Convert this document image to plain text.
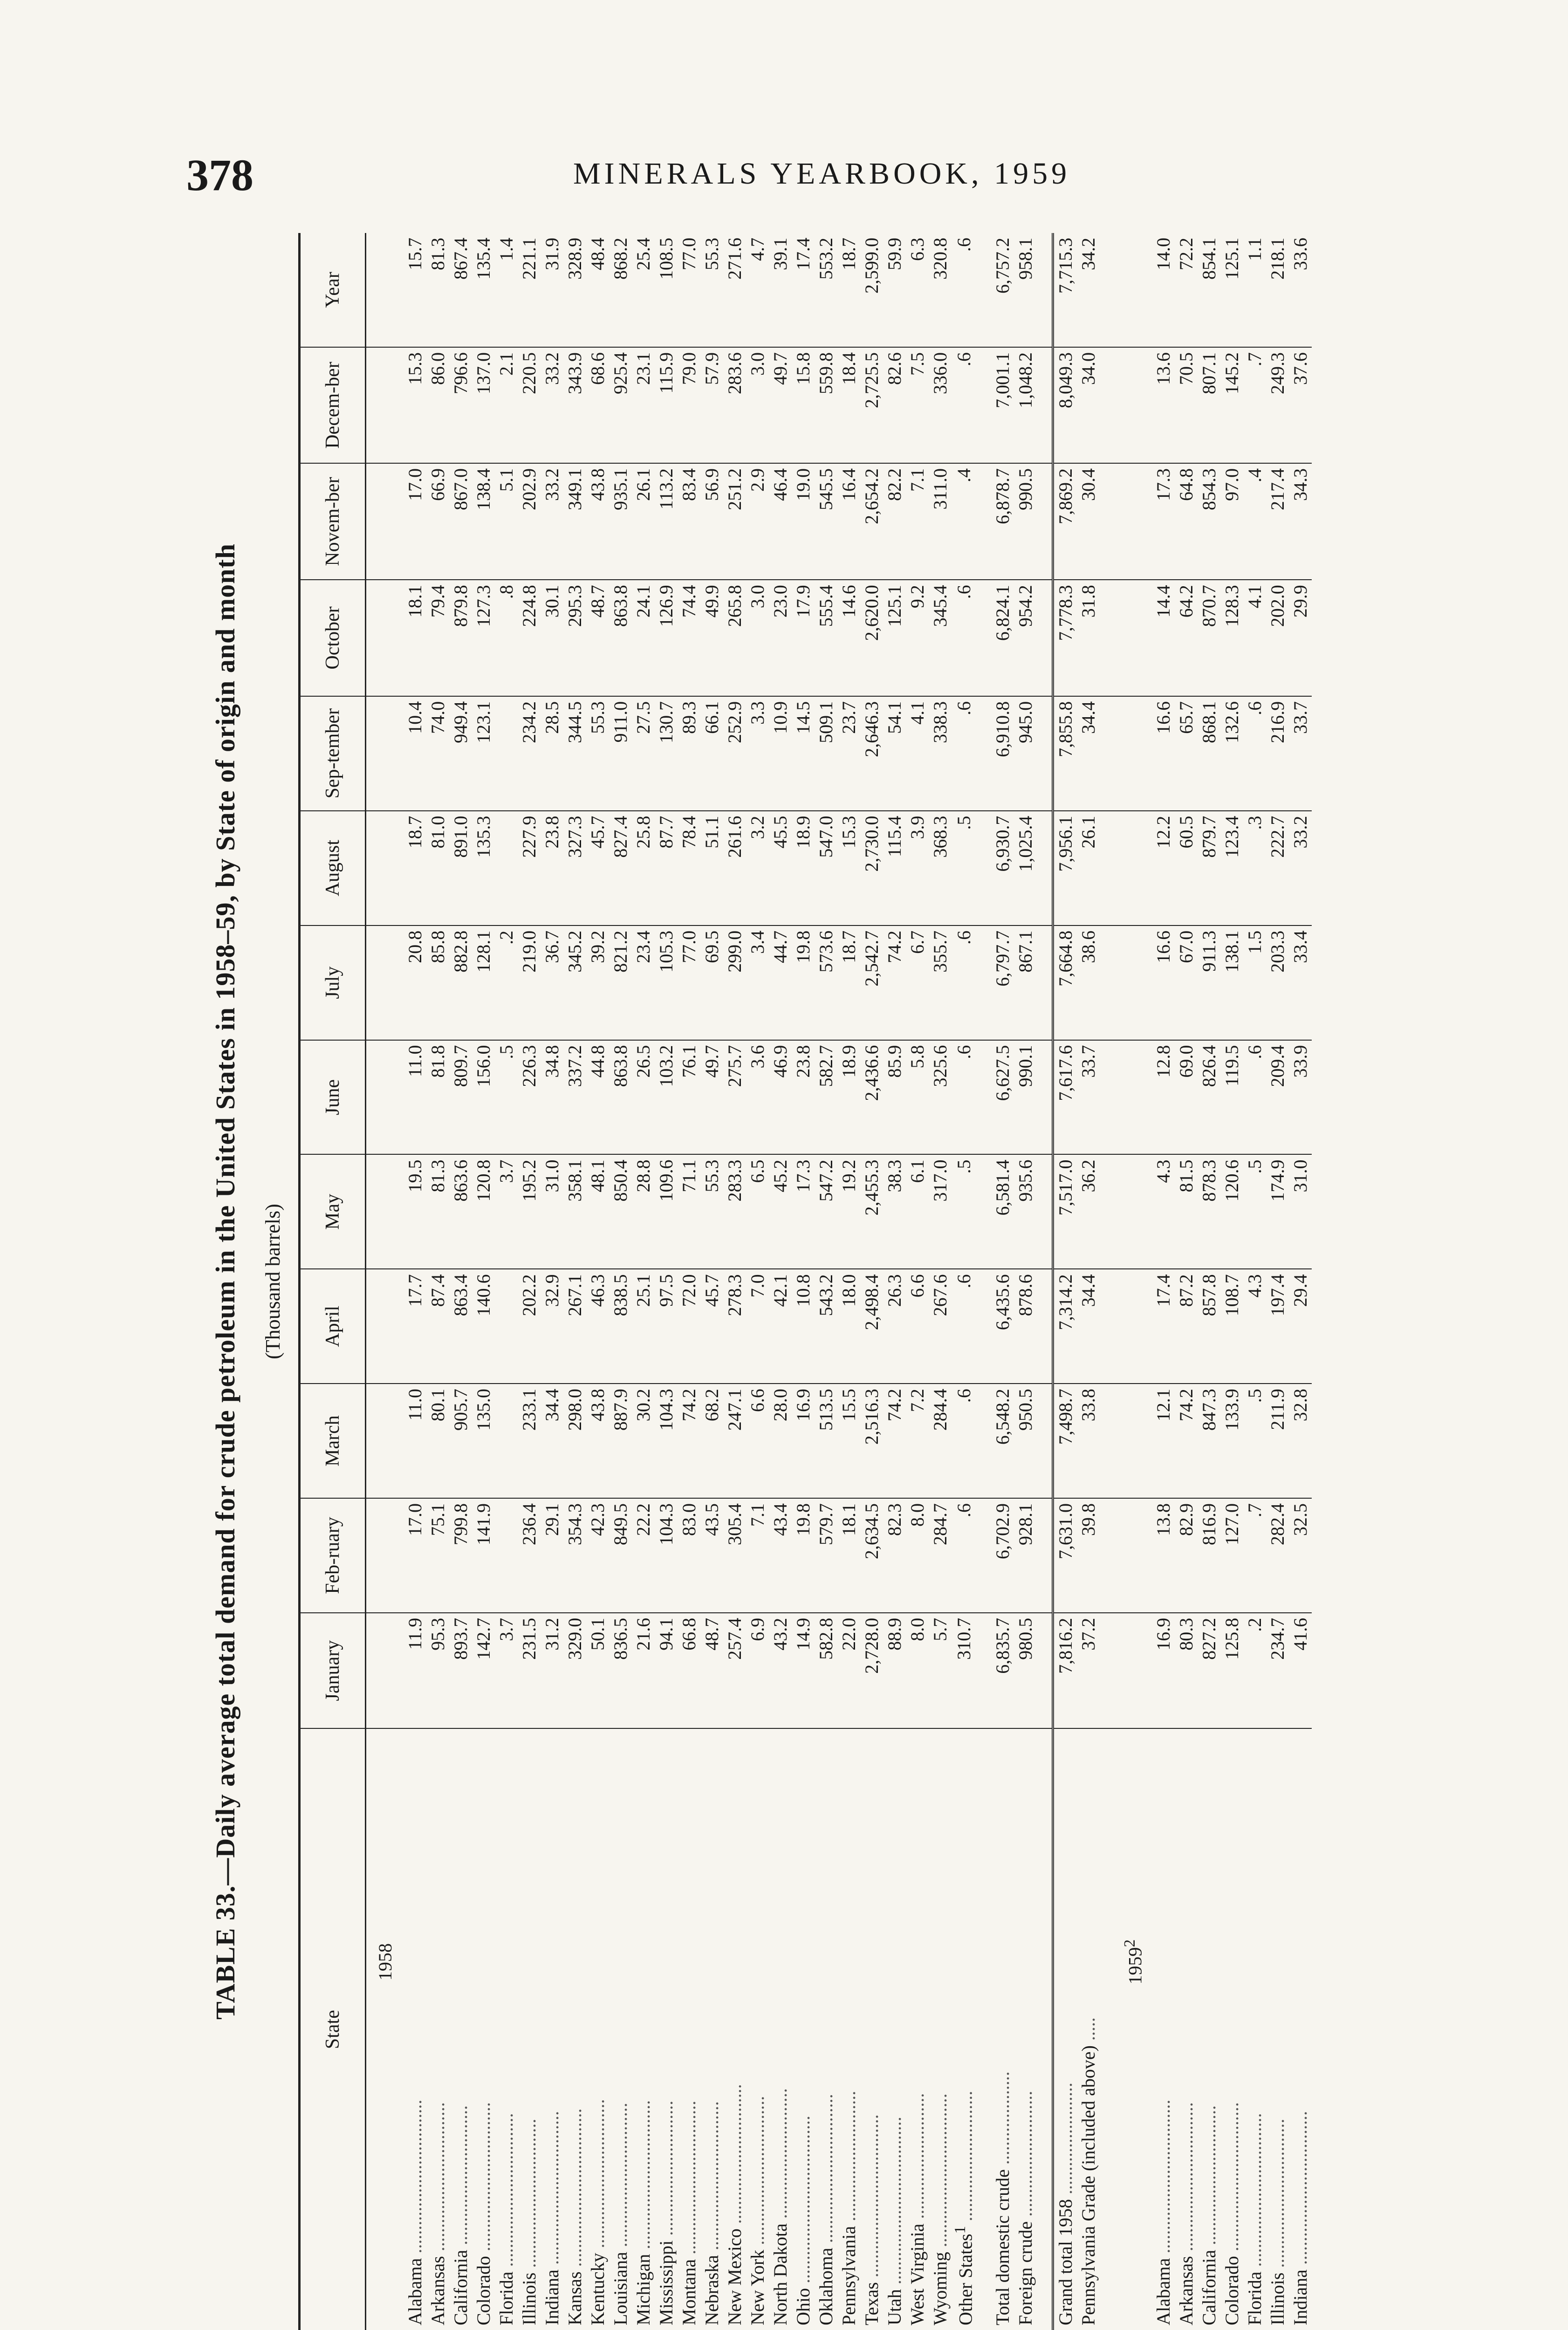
378	MINERALS YEARBOOK, 1959
TABLE 33.—Daily average total demand for crude petroleum in the United States in 1958–59, by State of origin and month (Thousand barrels)
State	January	Feb-ruary	March	April	May	June	July	August	Sep-tember	October	Novem-ber	Decem-ber	Year
1958													
Alabama .................................	11.9	17.0	11.0	17.7	19.5	11.0	20.8	18.7	10.4	18.1	17.0	15.3	15.7
Arkansas ................................	95.3	75.1	80.1	87.4	81.3	81.8	85.8	81.0	74.0	79.4	66.9	86.0	81.3
California ..............................	893.7	799.8	905.7	863.4	863.6	809.7	882.8	891.0	949.4	879.8	867.0	796.6	867.4
Colorado ................................	142.7	141.9	135.0	140.6	120.8	156.0	128.1	135.3	123.1	127.3	138.4	137.0	135.4
Florida .................................	3.7				3.7	.5	.2			.8	5.1	2.1	1.4
Illinois ................................	231.5	236.4	233.1	202.2	195.2	226.3	219.0	227.9	234.2	224.8	202.9	220.5	221.1
Indiana .................................	31.2	29.1	34.4	32.9	31.0	34.8	36.7	23.8	28.5	30.1	33.2	33.2	31.9
Kansas ..................................	329.0	354.3	298.0	267.1	358.1	337.2	345.2	327.3	344.5	295.3	349.1	343.9	328.9
Kentucky ................................	50.1	42.3	43.8	46.3	48.1	44.8	39.2	45.7	55.3	48.7	43.8	68.6	48.4
Louisiana ...............................	836.5	849.5	887.9	838.5	850.4	863.8	821.2	827.4	911.0	863.8	935.1	925.4	868.2
Michigan ................................	21.6	22.2	30.2	25.1	28.8	26.5	23.4	25.8	27.5	24.1	26.1	23.1	25.4
Mississippi .............................	94.1	104.3	104.3	97.5	109.6	103.2	105.3	87.7	130.7	126.9	113.2	115.9	108.5
Montana .................................	66.8	83.0	74.2	72.0	71.1	76.1	77.0	78.4	89.3	74.4	83.4	79.0	77.0
Nebraska ................................	48.7	43.5	68.2	45.7	55.3	49.7	69.5	51.1	66.1	49.9	56.9	57.9	55.3
New Mexico ..............................	257.4	305.4	247.1	278.3	283.3	275.7	299.0	261.6	252.9	265.8	251.2	283.6	271.6
New York ................................	6.9	7.1	6.6	7.0	6.5	3.6	3.4	3.2	3.3	3.0	2.9	3.0	4.7
North Dakota ............................	43.2	43.4	28.0	42.1	45.2	46.9	44.7	45.5	10.9	23.0	46.4	49.7	39.1
Ohio ....................................	14.9	19.8	16.9	10.8	17.3	23.8	19.8	18.9	14.5	17.9	19.0	15.8	17.4
Oklahoma ................................	582.8	579.7	513.5	543.2	547.2	582.7	573.6	547.0	509.1	555.4	545.5	559.8	553.2
Pennsylvania ............................	22.0	18.1	15.5	18.0	19.2	18.9	18.7	15.3	23.7	14.6	16.4	18.4	18.7
Texas ...................................	2,728.0	2,634.5	2,516.3	2,498.4	2,455.3	2,436.6	2,542.7	2,730.0	2,646.3	2,620.0	2,654.2	2,725.5	2,599.0
Utah ....................................	88.9	82.3	74.2	26.3	38.3	85.9	74.2	115.4	54.1	125.1	82.2	82.6	59.9
West Virginia ...........................	8.0	8.0	7.2	6.6	6.1	5.8	6.7	3.9	4.1	9.2	7.1	7.5	6.3
Wyoming .................................	5.7	284.7	284.4	267.6	317.0	325.6	355.7	368.3	338.3	345.4	311.0	336.0	320.8
Other States$^1$ ............................	310.7	.6	.6	.6	.5	.6	.6	.5	.6	.6	.4	.6	.6

Total domestic crude ....................	6,835.7	6,702.9	6,548.2	6,435.6	6,581.4	6,627.5	6,797.7	6,930.7	6,910.8	6,824.1	6,878.7	7,001.1	6,757.2
Foreign crude ...........................	980.5	928.1	950.5	878.6	935.6	990.1	867.1	1,025.4	945.0	954.2	990.5	1,048.2	958.1

Grand total 1958 ........................	7,816.2	7,631.0	7,498.7	7,314.2	7,517.0	7,617.6	7,664.8	7,956.1	7,855.8	7,778.3	7,869.2	8,049.3	7,715.3
Pennsylvania Grade (included above) .....	37.2	39.8	33.8	34.4	36.2	33.7	38.6	26.1	34.4	31.8	30.4	34.0	34.2

1959$^2$													
Alabama .................................	16.9	13.8	12.1	17.4	4.3	12.8	16.6	12.2	16.6	14.4	17.3	13.6	14.0
Arkansas ................................	80.3	82.9	74.2	87.2	81.5	69.0	67.0	60.5	65.7	64.2	64.8	70.5	72.2
California ..............................	827.2	816.9	847.3	857.8	878.3	826.4	911.3	879.7	868.1	870.7	854.3	807.1	854.1
Colorado ................................	125.8	127.0	133.9	108.7	120.6	119.5	138.1	123.4	132.6	128.3	97.0	145.2	125.1
Florida .................................	.2	.7	.5	4.3	.5	.6	1.5	.3	.6	4.1	.4	.7	1.1
Illinois ................................	234.7	282.4	211.9	197.4	174.9	209.4	203.3	222.7	216.9	202.0	217.4	249.3	218.1
Indiana .................................	41.6	32.5	32.8	29.4	31.0	33.9	33.4	33.2	33.7	29.9	34.3	37.6	33.6
